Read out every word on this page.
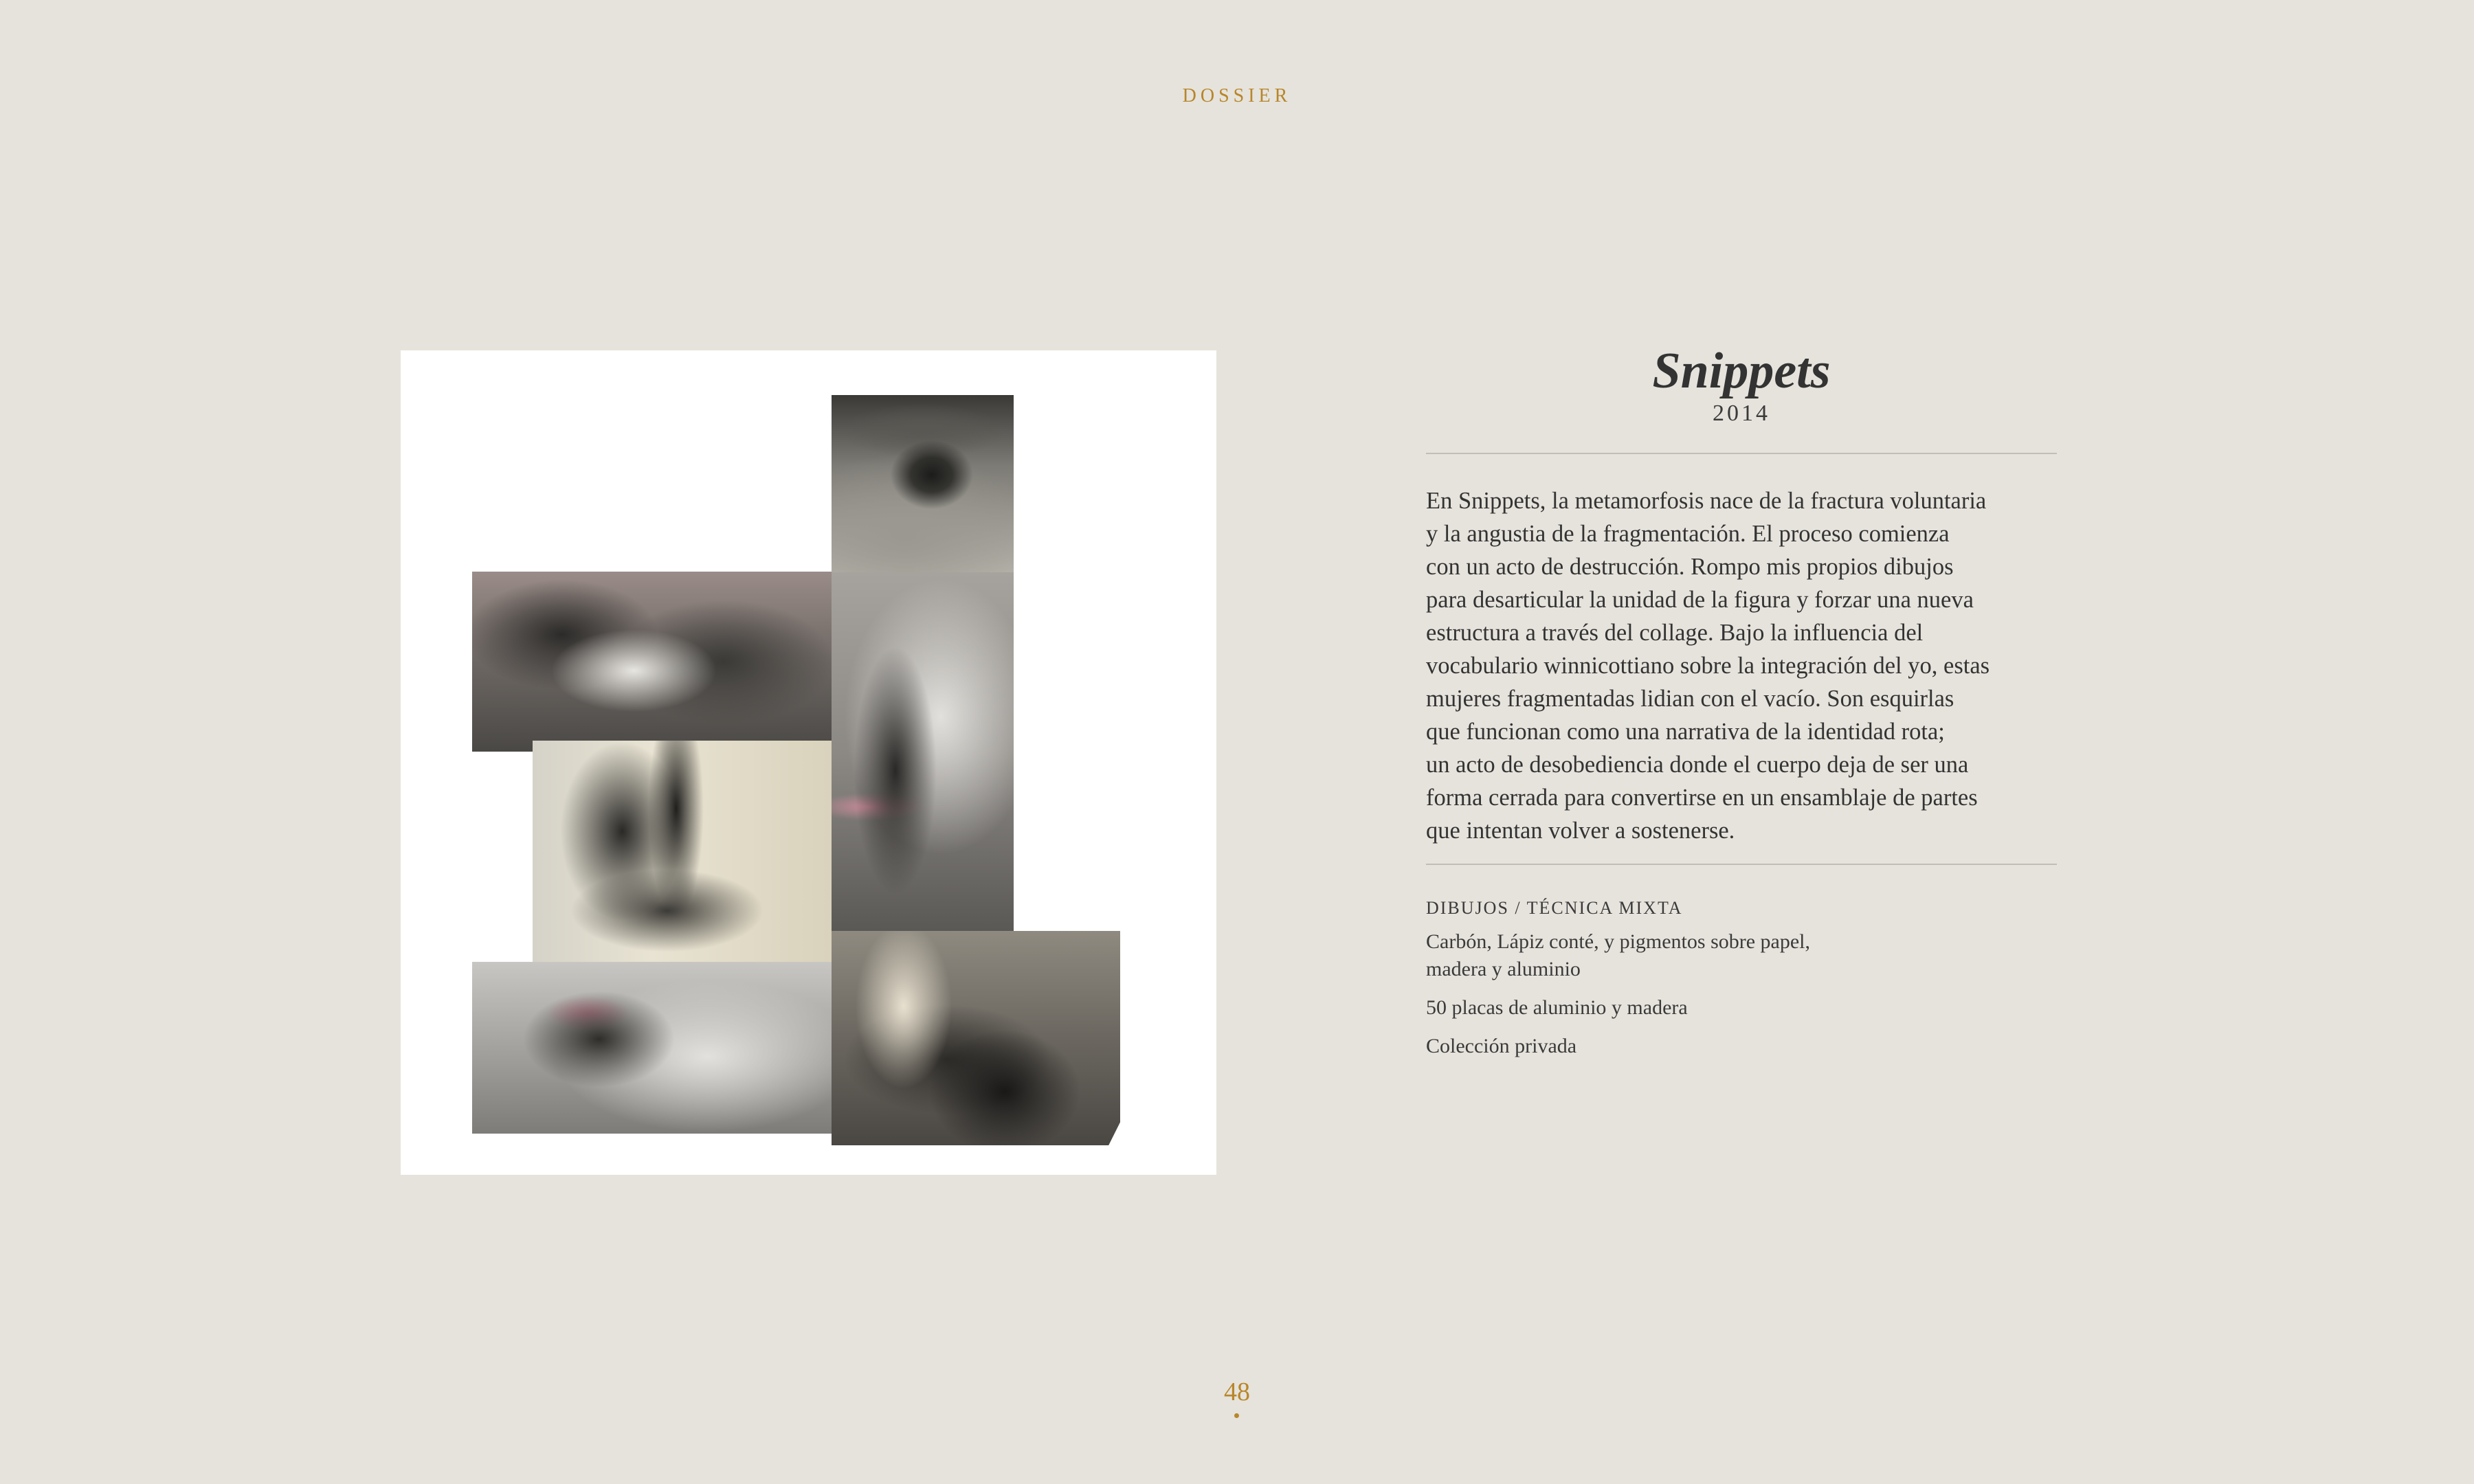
DOSSIER
Snippets
2014
En Snippets, la metamorfosis nace de la fractura voluntaria
y la angustia de la fragmentación. El proceso comienza
con un acto de destrucción. Rompo mis propios dibujos
para desarticular la unidad de la figura y forzar una nueva
estructura a través del collage. Bajo la influencia del
vocabulario winnicottiano sobre la integración del yo, estas
mujeres fragmentadas lidian con el vacío. Son esquirlas
que funcionan como una narrativa de la identidad rota;
un acto de desobediencia donde el cuerpo deja de ser una
forma cerrada para convertirse en un ensamblaje de partes
que intentan volver a sostenerse.
DIBUJOS / TÉCNICA MIXTA
Carbón, Lápiz conté, y pigmentos sobre papel,
madera y aluminio
50 placas de aluminio y madera
Colección privada
48
